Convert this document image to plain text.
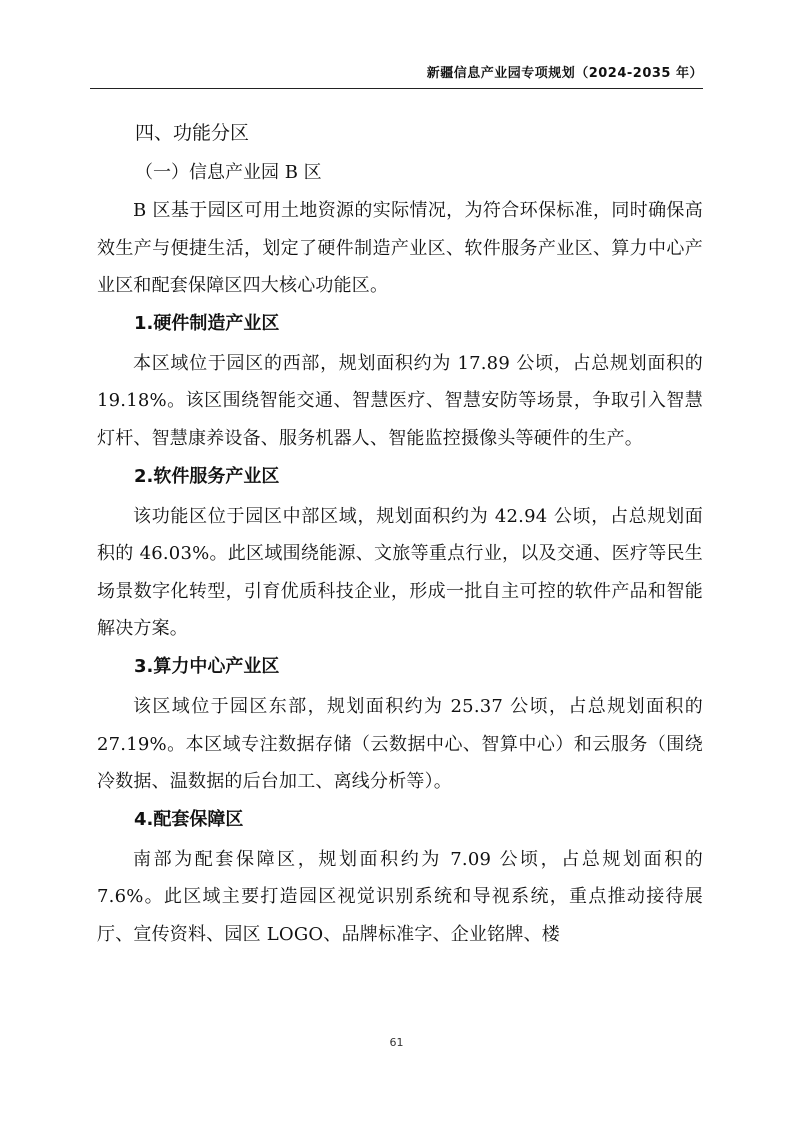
新疆信息产业园专项规划（2024-2035 年）
四、功能分区
（一）信息产业园 B 区

B 区基于园区可用土地资源的实际情况，为符合环保标准，同时确保高效生产与便捷生活，划定了硬件制造产业区、软件服务产业区、算力中心产业区和配套保障区四大核心功能区。

1.硬件制造产业区

本区域位于园区的西部，规划面积约为 17.89 公顷，占总规划面积的 19.18%。该区围绕智能交通、智慧医疗、智慧安防等场景，争取引入智慧灯杆、智慧康养设备、服务机器人、智能监控摄像头等硬件的生产。

2.软件服务产业区

该功能区位于园区中部区域，规划面积约为 42.94 公顷，占总规划面积的 46.03%。此区域围绕能源、文旅等重点行业，以及交通、医疗等民生场景数字化转型，引育优质科技企业，形成一批自主可控的软件产品和智能解决方案。

3.算力中心产业区

该区域位于园区东部，规划面积约为 25.37 公顷，占总规划面积的 27.19%。本区域专注数据存储（云数据中心、智算中心）和云服务（围绕冷数据、温数据的后台加工、离线分析等）。

4.配套保障区

南部为配套保障区，规划面积约为 7.09 公顷，占总规划面积的 7.6%。此区域主要打造园区视觉识别系统和导视系统，重点推动接待展厅、宣传资料、园区 LOGO、品牌标准字、企业铭牌、楼

61
